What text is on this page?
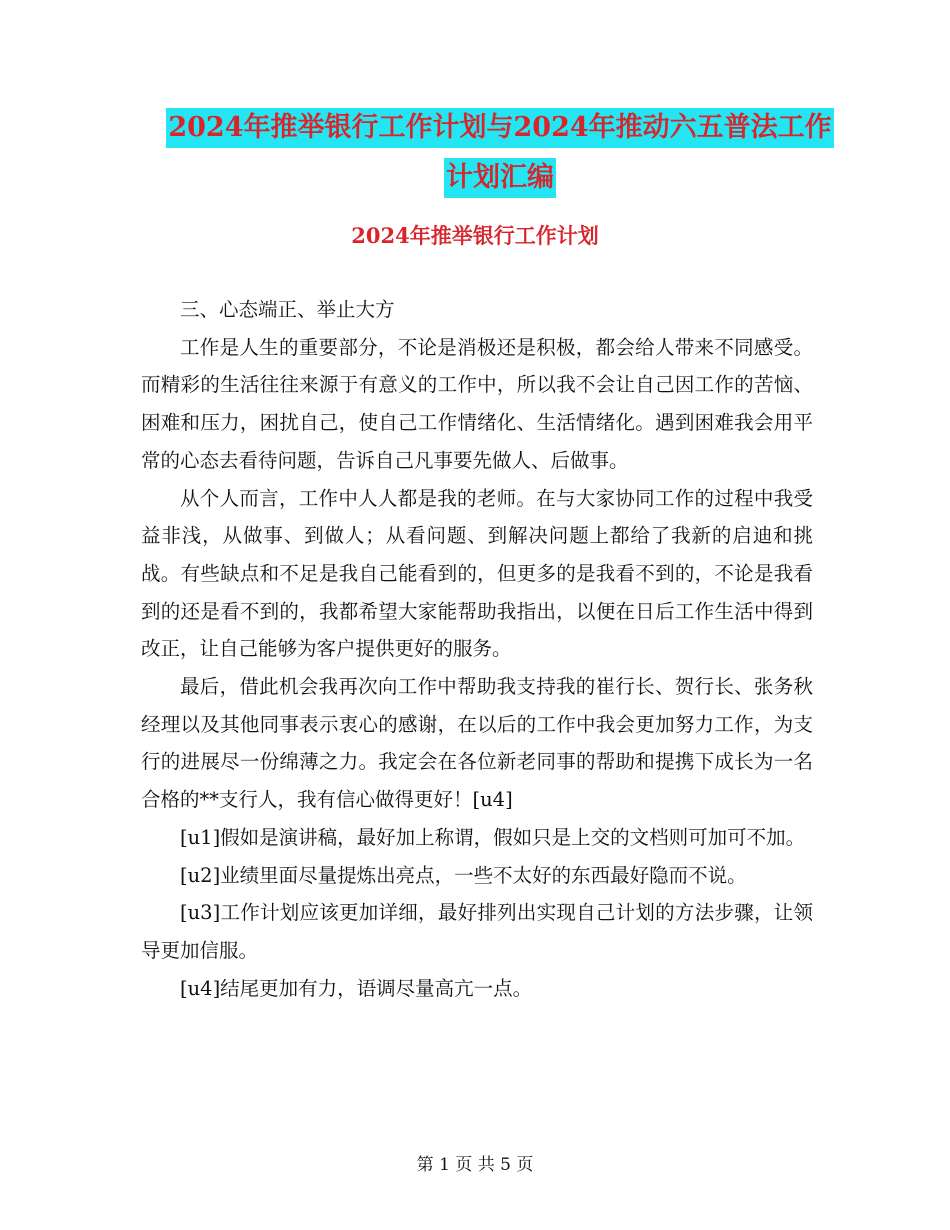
2024年推举银行工作计划与2024年推动六五普法工作
计划汇编
2024年推举银行工作计划

三、心态端正、举止大方

工作是人生的重要部分，不论是消极还是积极，都会给人带来不同感受。而精彩的生活往往来源于有意义的工作中，所以我不会让自己因工作的苦恼、困难和压力，困扰自己，使自己工作情绪化、生活情绪化。遇到困难我会用平常的心态去看待问题，告诉自己凡事要先做人、后做事。

从个人而言，工作中人人都是我的老师。在与大家协同工作的过程中我受益非浅，从做事、到做人；从看问题、到解决问题上都给了我新的启迪和挑战。有些缺点和不足是我自己能看到的，但更多的是我看不到的，不论是我看到的还是看不到的，我都希望大家能帮助我指出，以便在日后工作生活中得到改正，让自己能够为客户提供更好的服务。

最后，借此机会我再次向工作中帮助我支持我的崔行长、贺行长、张务秋经理以及其他同事表示衷心的感谢，在以后的工作中我会更加努力工作，为支行的进展尽一份绵薄之力。我定会在各位新老同事的帮助和提携下成长为一名合格的**支行人，我有信心做得更好！[u4]

[u1]假如是演讲稿，最好加上称谓，假如只是上交的文档则可加可不加。

[u2]业绩里面尽量提炼出亮点，一些不太好的东西最好隐而不说。

[u3]工作计划应该更加详细，最好排列出实现自己计划的方法步骤，让领导更加信服。

[u4]结尾更加有力，语调尽量高亢一点。

第 1 页 共 5 页
